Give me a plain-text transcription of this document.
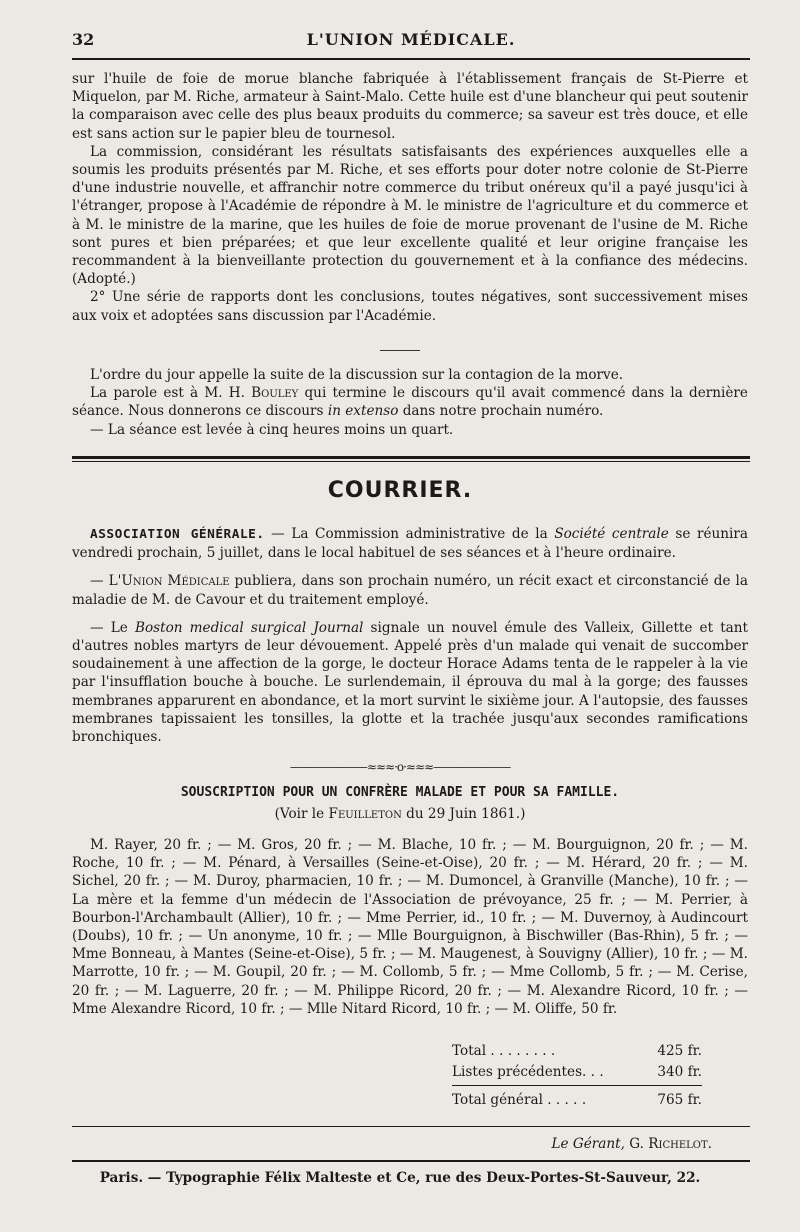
32	L'UNION MÉDICALE.

sur l'huile de foie de morue blanche fabriquée à l'établissement français de St-Pierre et Miquelon, par M. Riche, armateur à Saint-Malo. Cette huile est d'une blancheur qui peut soutenir la comparaison avec celle des plus beaux produits du commerce; sa saveur est très douce, et elle est sans action sur le papier bleu de tournesol.

La commission, considérant les résultats satisfaisants des expériences auxquelles elle a soumis les produits présentés par M. Riche, et ses efforts pour doter notre colonie de St-Pierre d'une industrie nouvelle, et affranchir notre commerce du tribut onéreux qu'il a payé jusqu'ici à l'étranger, propose à l'Académie de répondre à M. le ministre de l'agriculture et du commerce et à M. le ministre de la marine, que les huiles de foie de morue provenant de l'usine de M. Riche sont pures et bien préparées; et que leur excellente qualité et leur origine française les recommandent à la bienveillante protection du gouvernement et à la confiance des médecins. (Adopté.)

2° Une série de rapports dont les conclusions, toutes négatives, sont successivement mises aux voix et adoptées sans discussion par l'Académie.

L'ordre du jour appelle la suite de la discussion sur la contagion de la morve.

La parole est à M. H. Bouley qui termine le discours qu'il avait commencé dans la dernière séance. Nous donnerons ce discours in extenso dans notre prochain numéro.

— La séance est levée à cinq heures moins un quart.

COURRIER.

ASSOCIATION GÉNÉRALE. — La Commission administrative de la Société centrale se réunira vendredi prochain, 5 juillet, dans le local habituel de ses séances et à l'heure ordinaire.

— L'Union Médicale publiera, dans son prochain numéro, un récit exact et circonstancié de la maladie de M. de Cavour et du traitement employé.

— Le Boston medical surgical Journal signale un nouvel émule des Valleix, Gillette et tant d'autres nobles martyrs de leur dévouement. Appelé près d'un malade qui venait de succomber soudainement à une affection de la gorge, le docteur Horace Adams tenta de le rappeler à la vie par l'insufflation bouche à bouche. Le surlendemain, il éprouva du mal à la gorge; des fausses membranes apparurent en abondance, et la mort survint le sixième jour. A l'autopsie, des fausses membranes tapissaient les tonsilles, la glotte et la trachée jusqu'aux secondes ramifications bronchiques.

———————≈≈≈·o·≈≈≈———————
SOUSCRIPTION POUR UN CONFRÈRE MALADE ET POUR SA FAMILLE.
(Voir le Feuilleton du 29 Juin 1861.)

M. Rayer, 20 fr. ; — M. Gros, 20 fr. ; — M. Blache, 10 fr. ; — M. Bourguignon, 20 fr. ; — M. Roche, 10 fr. ; — M. Pénard, à Versailles (Seine-et-Oise), 20 fr. ; — M. Hérard, 20 fr. ; — M. Sichel, 20 fr. ; — M. Duroy, pharmacien, 10 fr. ; — M. Dumoncel, à Granville (Manche), 10 fr. ; — La mère et la femme d'un médecin de l'Association de prévoyance, 25 fr. ; — M. Perrier, à Bourbon-l'Archambault (Allier), 10 fr. ; — Mme Perrier, id., 10 fr. ; — M. Duvernoy, à Audincourt (Doubs), 10 fr. ; — Un anonyme, 10 fr. ; — Mlle Bourguignon, à Bischwiller (Bas-Rhin), 5 fr. ; — Mme Bonneau, à Mantes (Seine-et-Oise), 5 fr. ; — M. Maugenest, à Souvigny (Allier), 10 fr. ; — M. Marrotte, 10 fr. ; — M. Goupil, 20 fr. ; — M. Collomb, 5 fr. ; — Mme Collomb, 5 fr. ; — M. Cerise, 20 fr. ; — M. Laguerre, 20 fr. ; — M. Philippe Ricord, 20 fr. ; — M. Alexandre Ricord, 10 fr. ; — Mme Alexandre Ricord, 10 fr. ; — Mlle Nitard Ricord, 10 fr. ; — M. Oliffe, 50 fr.

Total . . . . . . . .	425 fr.
Listes précédentes. . .	340 fr.
Total général . . . . .	765 fr.
Le Gérant, G. Richelot.
Paris. — Typographie Félix Malteste et Ce, rue des Deux-Portes-St-Sauveur, 22.
